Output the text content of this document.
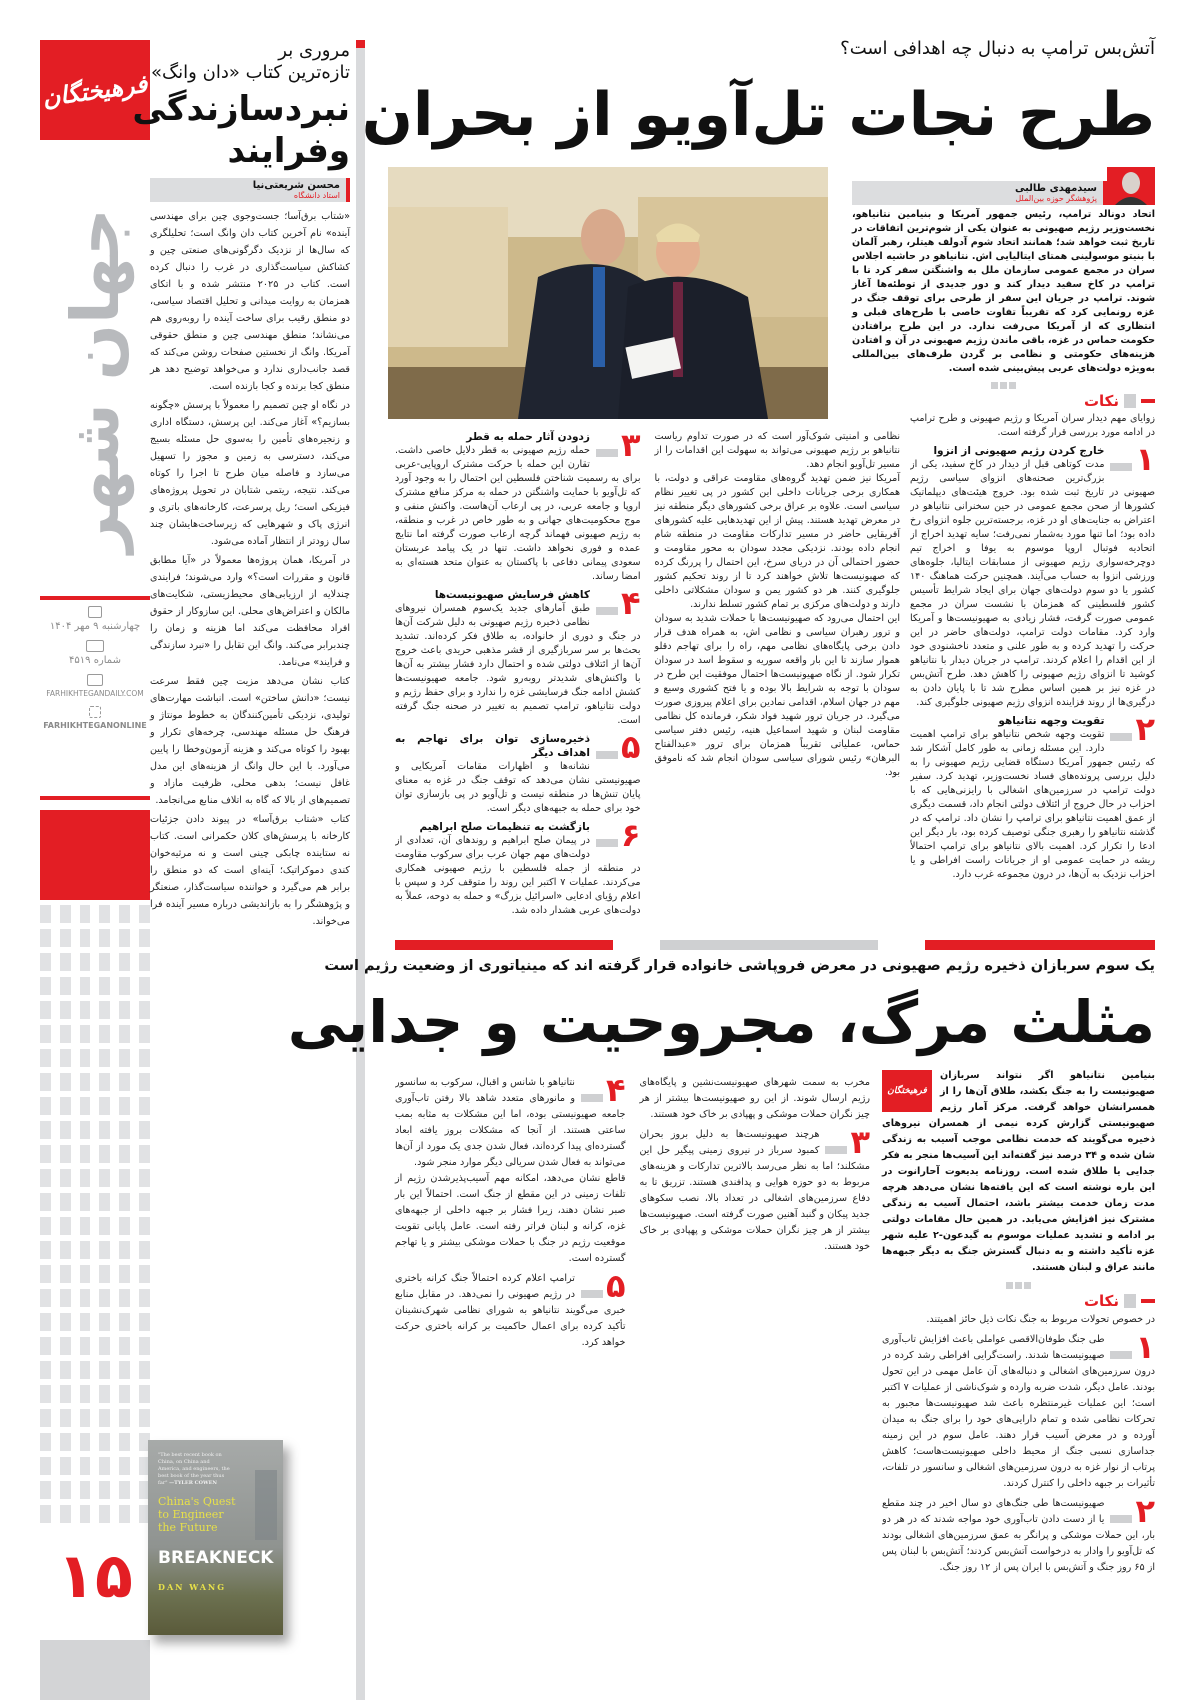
فرهیختگان
جهان شهر
چهارشنبه ۹ مهر ۱۴۰۴
شماره ۴۵۱۹
FARHIKHTEGANDAILY.COM
FARHIKHTEGANONLINE
۱۵
مروری بر
تازه‌ترین کتاب «دان وانگ»
نبردسازندگی
وفرایند
محسن شریعتی‌نیا
استاد دانشگاه

«شتاب برق‌آسا؛ جست‌وجوی چین برای مهندسی آینده» نام آخرین کتاب دان وانگ است؛ تحلیلگری که سال‌ها از نزدیک دگرگونی‌های صنعتی چین و کشاکش سیاست‌گذاری در غرب را دنبال کرده است. کتاب در ۲۰۲۵ منتشر شده و با اتکای همزمان به روایت میدانی و تحلیل اقتصاد سیاسی، دو منطق رقیب برای ساخت آینده را روبه‌روی هم می‌نشاند؛ منطق مهندسی چین و منطق حقوقی آمریکا. وانگ از نخستین صفحات روشن می‌کند که قصد جانب‌داری ندارد و می‌خواهد توضیح دهد هر منطق کجا برنده و کجا بازنده است.

در نگاه او چین تصمیم را معمولاً با پرسش «چگونه بسازیم؟» آغاز می‌کند. این پرسش، دستگاه اداری و زنجیره‌های تأمین را به‌سوی حل مسئله بسیج می‌کند، دسترسی به زمین و مجوز را تسهیل می‌سازد و فاصله میان طرح تا اجرا را کوتاه می‌کند. نتیجه، ریتمی شتابان در تحویل پروژه‌های فیزیکی است؛ ریل پرسرعت، کارخانه‌های باتری و انرژی پاک و شهرهایی که زیرساخت‌هایشان چند سال زودتر از انتظار آماده می‌شود.

در آمریکا، همان پروژه‌ها معمولاً در «آیا مطابق قانون و مقررات است؟» وارد می‌شوند؛ فرایندی چندلایه از ارزیابی‌های محیط‌زیستی، شکایت‌های مالکان و اعتراض‌های محلی. این سازوکار از حقوق افراد محافظت می‌کند اما هزینه و زمان را چندبرابر می‌کند. وانگ این تقابل را «نبرد سازندگی و فرایند» می‌نامد.

کتاب نشان می‌دهد مزیت چین فقط سرعت نیست؛ «دانش ساختن» است. انباشت مهارت‌های تولیدی، نزدیکی تأمین‌کنندگان به خطوط مونتاژ و فرهنگ حل مسئله مهندسی، چرخه‌های تکرار و بهبود را کوتاه می‌کند و هزینه آزمون‌وخطا را پایین می‌آورد. با این حال وانگ از هزینه‌های این مدل غافل نیست؛ بدهی محلی، ظرفیت مازاد و تصمیم‌های از بالا که گاه به اتلاف منابع می‌انجامد.

کتاب «شتاب برق‌آسا» در پیوند دادن جزئیات کارخانه با پرسش‌های کلان حکمرانی است. کتاب نه ستاینده چابکی چینی است و نه مرثیه‌خوان کندی دموکراتیک؛ آینه‌ای است که دو منطق را برابر هم می‌گیرد و خواننده سیاست‌گذار، صنعتگر و پژوهشگر را به بازاندیشی درباره مسیر آینده فرا می‌خواند.

"The best recent book on China, on China and America, and engineers, the best book of the year thus far" —TYLER COWEN
China's Quest to Engineer the Future
BREAKNECK
DAN WANG
آتش‌بس ترامپ به دنبال چه اهدافی است؟
طرح نجات تل‌آویو از بحران
سیدمهدی طالبی
پژوهشگر حوزه بین‌الملل
اتحاد دونالد ترامپ، رئیس جمهور آمریکا و بنیامین نتانیاهو، نخست‌وزیر رژیم صهیونی به عنوان یکی از شوم‌ترین اتفاقات در تاریخ ثبت خواهد شد؛ همانند اتحاد شوم آدولف هیتلر، رهبر آلمان با بنیتو موسولینی همتای ایتالیایی اش. نتانیاهو در حاشیه اجلاس سران در مجمع عمومی سازمان ملل به واشنگتن سفر کرد تا با ترامپ در کاخ سفید دیدار کند و دور جدیدی از توطئه‌ها آغاز شوند. ترامپ در جریان این سفر از طرحی برای توقف جنگ در غزه رونمایی کرد که تقریباً تفاوت خاصی با طرح‌های قبلی و انتظاری که از آمریکا می‌رفت ندارد. در این طرح برافتادن حکومت حماس در غزه، باقی ماندن رژیم صهیونی در آن و افتادن هزینه‌های حکومتی و نظامی بر گردن طرف‌های بین‌المللی به‌ویژه دولت‌های عربی پیش‌بینی شده است.
نکات

زوایای مهم دیدار سران آمریکا و رژیم صهیونی و طرح ترامپ در ادامه مورد بررسی قرار گرفته است.

۱
خارج کردن رژیم صهیونی از انزوا
مدت کوتاهی قبل از دیدار در کاخ سفید، یکی از بزرگ‌ترین صحنه‌های انزوای سیاسی رژیم صهیونی در تاریخ ثبت شده بود. خروج هیئت‌های دیپلماتیک کشورها از صحن مجمع عمومی در حین سخنرانی نتانیاهو در اعتراض به جنایت‌های او در غزه، برجسته‌ترین جلوه انزوای رخ داده بود؛ اما تنها مورد به‌شمار نمی‌رفت؛ سایه تهدید اخراج از اتحادیه فوتبال اروپا موسوم به یوفا و اخراج تیم دوچرخه‌سواری رژیم صهیونی از مسابقات ایتالیا، جلوه‌های ورزشی انزوا به حساب می‌آیند. همچنین حرکت هماهنگ ۱۴۰ کشور یا دو سوم دولت‌های جهان برای ایجاد شرایط تأسیس کشور فلسطینی که همزمان با نشست سران در مجمع عمومی صورت گرفت، فشار زیادی به صهیونیست‌ها و آمریکا وارد کرد. مقامات دولت ترامپ، دولت‌های حاضر در این حرکت را تهدید کرده و به طور علنی و متعدد ناخشنودی خود از این اقدام را اعلام کردند. ترامپ در جریان دیدار با نتانیاهو کوشید تا انزوای رژیم صهیونی را کاهش دهد. طرح آتش‌بس در غزه نیز بر همین اساس مطرح شد تا با پایان دادن به درگیری‌ها از روند فزاینده انزوای رژیم صهیونی جلوگیری کند.
۲
تقویت وجهه نتانیاهو
تقویت وجهه شخص نتانیاهو برای ترامپ اهمیت دارد. این مسئله زمانی به طور کامل آشکار شد که رئیس جمهور آمریکا دستگاه قضایی رژیم صهیونی را به دلیل بررسی پرونده‌های فساد نخست‌وزیر، تهدید کرد. سفیر دولت ترامپ در سرزمین‌های اشغالی با رایزنی‌هایی که با احزاب در حال خروج از ائتلاف دولتی انجام داد، قسمت دیگری از عمق اهمیت نتانیاهو برای ترامپ را نشان داد. ترامپ که در گذشته نتانیاهو را رهبری جنگی توصیف کرده بود، بار دیگر این ادعا را تکرار کرد. اهمیت بالای نتانیاهو برای ترامپ احتمالاً ریشه در حمایت عمومی او از جریانات راست افراطی و یا احزاب نزدیک به آن‌ها، در درون مجموعه غرب دارد.

نظامی و امنیتی شوک‌آور است که در صورت تداوم ریاست نتانیاهو بر رژیم صهیونی می‌تواند به سهولت این اقدامات را از مسیر تل‌آویو انجام دهد.

آمریکا نیز ضمن تهدید گروه‌های مقاومت عراقی و دولت، با همکاری برخی جریانات داخلی این کشور در پی تغییر نظام سیاسی است. علاوه بر عراق برخی کشورهای دیگر منطقه نیز در معرض تهدید هستند. پیش از این تهدیدهایی علیه کشورهای آفریقایی حاضر در مسیر تدارکات مقاومت در منطقه شام انجام داده بودند. نزدیکی مجدد سودان به محور مقاومت و حضور احتمالی آن در دریای سرخ، این احتمال را پررنگ کرده که صهیونیست‌ها تلاش خواهند کرد تا از روند تحکیم کشور جلوگیری کنند. هر دو کشور یمن و سودان مشکلاتی داخلی دارند و دولت‌های مرکزی بر تمام کشور تسلط ندارند.

این احتمال می‌رود که صهیونیست‌ها با حملات شدید به سودان و ترور رهبران سیاسی و نظامی اش، به همراه هدف قرار دادن برخی پایگاه‌های نظامی مهم، راه را برای تهاجم دقلو هموار سازند تا این بار واقعه سوریه و سقوط اسد در سودان تکرار شود. از نگاه صهیونیست‌ها احتمال موفقیت این طرح در سودان با توجه به شرایط بالا بوده و یا فتح کشوری وسیع و مهم در جهان اسلام، اقدامی نمادین برای اعلام پیروزی صورت می‌گیرد. در جریان ترور شهید فواد شکر، فرمانده کل نظامی مقاومت لبنان و شهید اسماعیل هنیه، رئیس دفتر سیاسی حماس، عملیاتی تقریباً همزمان برای ترور «عبدالفتاح البرهان» رئیس شورای سیاسی سودان انجام شد که ناموفق بود.

۳
زدودن آثار حمله به قطر
حمله رژیم صهیونی به قطر دلایل خاصی داشت. تقارن این حمله با حرکت مشترک اروپایی-عربی برای به رسمیت شناختن فلسطین این احتمال را به وجود آورد که تل‌آویو با حمایت واشنگتن در حمله به مرکز منافع مشترک اروپا و جامعه عربی، در پی ارعاب آن‌هاست. واکنش منفی و موج محکومیت‌های جهانی و به طور خاص در غرب و منطقه، به رژیم صهیونی فهماند گرچه ارعاب صورت گرفته اما نتایج عمده و فوری نخواهد داشت. تنها در یک پیامد عربستان سعودی پیمانی دفاعی با پاکستان به عنوان متحد هسته‌ای به امضا رساند.
۴
کاهش فرسایش صهیونیست‌ها
طبق آمارهای جدید یک‌سوم همسران نیروهای نظامی ذخیره رژیم صهیونی به دلیل شرکت آن‌ها در جنگ و دوری از خانواده، به طلاق فکر کرده‌اند. تشدید بحث‌ها بر سر سربازگیری از قشر مذهبی حریدی باعث خروج آن‌ها از ائتلاف دولتی شده و احتمال دارد فشار بیشتر به آن‌ها با واکنش‌های شدیدتر روبه‌رو شود. جامعه صهیونیست‌ها کشش ادامه جنگ فرسایشی غزه را ندارد و برای حفظ رژیم و دولت نتانیاهو، ترامپ تصمیم به تغییر در صحنه جنگ گرفته است.
۵
ذخیره‌سازی توان برای تهاجم به اهداف دیگر
نشانه‌ها و اظهارات مقامات آمریکایی و صهیونیستی نشان می‌دهد که توقف جنگ در غزه به معنای پایان تنش‌ها در منطقه نیست و تل‌آویو در پی بازسازی توان خود برای حمله به جبهه‌های دیگر است.
۶
بازگشت به تنظیمات صلح ابراهیم
در پیمان صلح ابراهیم و روندهای آن، تعدادی از دولت‌های مهم جهان عرب برای سرکوب مقاومت در منطقه از جمله فلسطین با رژیم صهیونی همکاری می‌کردند. عملیات ۷ اکتبر این روند را متوقف کرد و سپس با اعلام رؤیای ادعایی «اسرائیل بزرگ» و حمله به دوحه، عملاً به دولت‌های عربی هشدار داده شد.
یک سوم سربازان ذخیره رژیم صهیونی در معرض فروپاشی خانواده قرار گرفته اند که مینیاتوری از وضعیت رژیم است
مثلث مرگ، مجروحیت و جدایی
فرهیختگان
بنیامین نتانیاهو اگر نتواند سربازان صهیونیست را به جنگ بکشد، طلاق آن‌ها را از همسرانشان خواهد گرفت. مرکز آمار رژیم صهیونیستی گزارش کرده نیمی از همسران نیروهای ذخیره می‌گویند که خدمت نظامی موجب آسیب به زندگی شان شده و ۳۴ درصد نیز گفته‌اند این آسیب‌ها منجر به فکر جدایی یا طلاق شده است. روزنامه یدیعوت آحارانوت در این باره نوشته است که این یافته‌ها نشان می‌دهد هرچه مدت زمان خدمت بیشتر باشد، احتمال آسیب به زندگی مشترک نیز افزایش می‌یابد. در همین حال مقامات دولتی بر ادامه و تشدید عملیات موسوم به گیدعون-۲ علیه شهر غزه تأکید داشته و به دنبال گسترش جنگ به دیگر جبهه‌ها مانند عراق و لبنان هستند.
نکات

در خصوص تحولات مربوط به جنگ نکات ذیل حائز اهمیتند.

۱
طی جنگ طوفان‌الاقصی عواملی باعث افزایش تاب‌آوری صهیونیست‌ها شدند. راست‌گرایی افراطی رشد کرده در درون سرزمین‌های اشغالی و دنباله‌های آن عامل مهمی در این تحول بودند. عامل دیگر، شدت ضربه وارده و شوک‌ناشی از عملیات ۷ اکتبر است؛ این عملیات غیرمنتظره باعث شد صهیونیست‌ها مجبور به تحرکات نظامی شده و تمام دارایی‌های خود را برای جنگ به میدان آورده و در معرض آسیب قرار دهند. عامل سوم در این زمینه جداسازی نسبی جنگ از محیط داخلی صهیونیست‌هاست؛ کاهش پرتاب از نوار غزه به درون سرزمین‌های اشغالی و سانسور در تلفات، تأثیرات بر جبهه داخلی را کنترل کردند.
۲
صهیونیست‌ها طی جنگ‌های دو سال اخیر در چند مقطع یا از دست دادن تاب‌آوری خود مواجه شدند که در هر دو بار، این حملات موشکی و پرانگر به عمق سرزمین‌های اشغالی بودند که تل‌آویو را وادار به درخواست آتش‌بس کردند؛ آتش‌بس با لبنان پس از ۶۵ روز جنگ و آتش‌بس با ایران پس از ۱۲ روز جنگ.

مخرب به سمت شهرهای صهیونیست‌نشین و پایگاه‌های رژیم ارسال شوند. از این رو صهیونیست‌ها بیشتر از هر چیز نگران حملات موشکی و پهپادی بر خاک خود هستند.

۳
هرچند صهیونیست‌ها به دلیل بروز بحران کمبود سرباز در نیروی زمینی پیگیر حل این مشکلند؛ اما به نظر می‌رسد بالاترین تدارکات و هزینه‌های مربوط به دو حوزه هوایی و پدافندی هستند. تزریق تا به دفاع سرزمین‌های اشغالی در تعداد بالا، نصب سکوهای جدید پیکان و گنبد آهنین صورت گرفته است. صهیونیست‌ها بیشتر از هر چیز نگران حملات موشکی و پهپادی بر خاک خود هستند.
۴
نتانیاهو با شانس و اقبال، سرکوب به سانسور و مانورهای متعدد شاهد بالا رفتن تاب‌آوری جامعه صهیونیستی بوده، اما این مشکلات به مثابه بمب ساعتی هستند. از آنجا که مشکلات بروز یافته ابعاد گسترده‌ای پیدا کرده‌اند، فعال شدن جدی یک مورد از آن‌ها می‌تواند به فعال شدن سریالی دیگر موارد منجر شود.

قاطع نشان می‌دهد، امکانه مهم آسیب‌پذیرشدن رژیم از تلفات زمینی در این مقطع از جنگ است. احتمالاً این بار صبر نشان دهند، زیرا فشار بر جبهه داخلی از جبهه‌های غزه، کرانه و لبنان فراتر رفته است. عامل پایانی تقویت موقعیت رژیم در جنگ با حملات موشکی بیشتر و یا تهاجم گسترده است.

۵
ترامپ اعلام کرده احتمالاً جنگ کرانه باختری در رژیم صهیونی را نمی‌دهد. در مقابل منابع خبری می‌گویند نتانیاهو به شورای نظامی شهرک‌نشینان تأکید کرده برای اعمال حاکمیت بر کرانه باختری حرکت خواهد کرد.
